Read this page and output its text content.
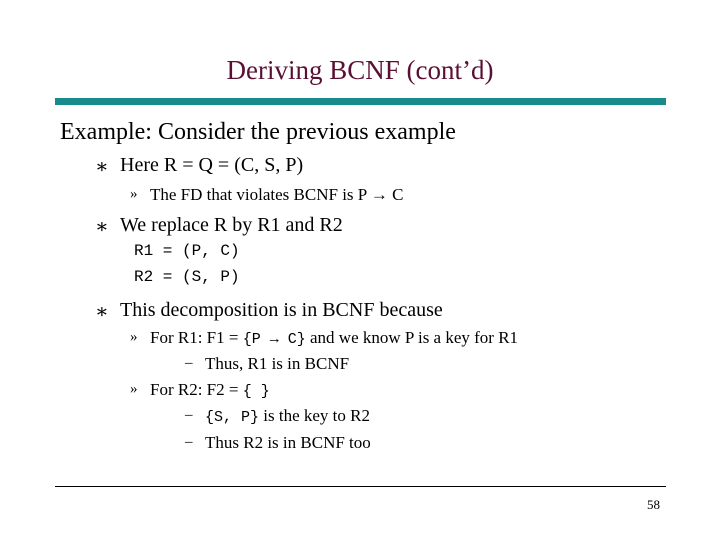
Deriving BCNF (cont’d)
Example: Consider the previous example
∗ Here R = Q = (C, S, P)
» The FD that violates BCNF is P → C
∗ We replace R by R1 and R2
R1 = (P, C)
R2 = (S, P)
∗ This decomposition is in BCNF because
» For R1: F1 = {P → C} and we know P is a key for R1
– Thus, R1 is in BCNF
» For R2: F2 = { }
– {S, P} is the key to R2
– Thus R2 is in BCNF too
58
